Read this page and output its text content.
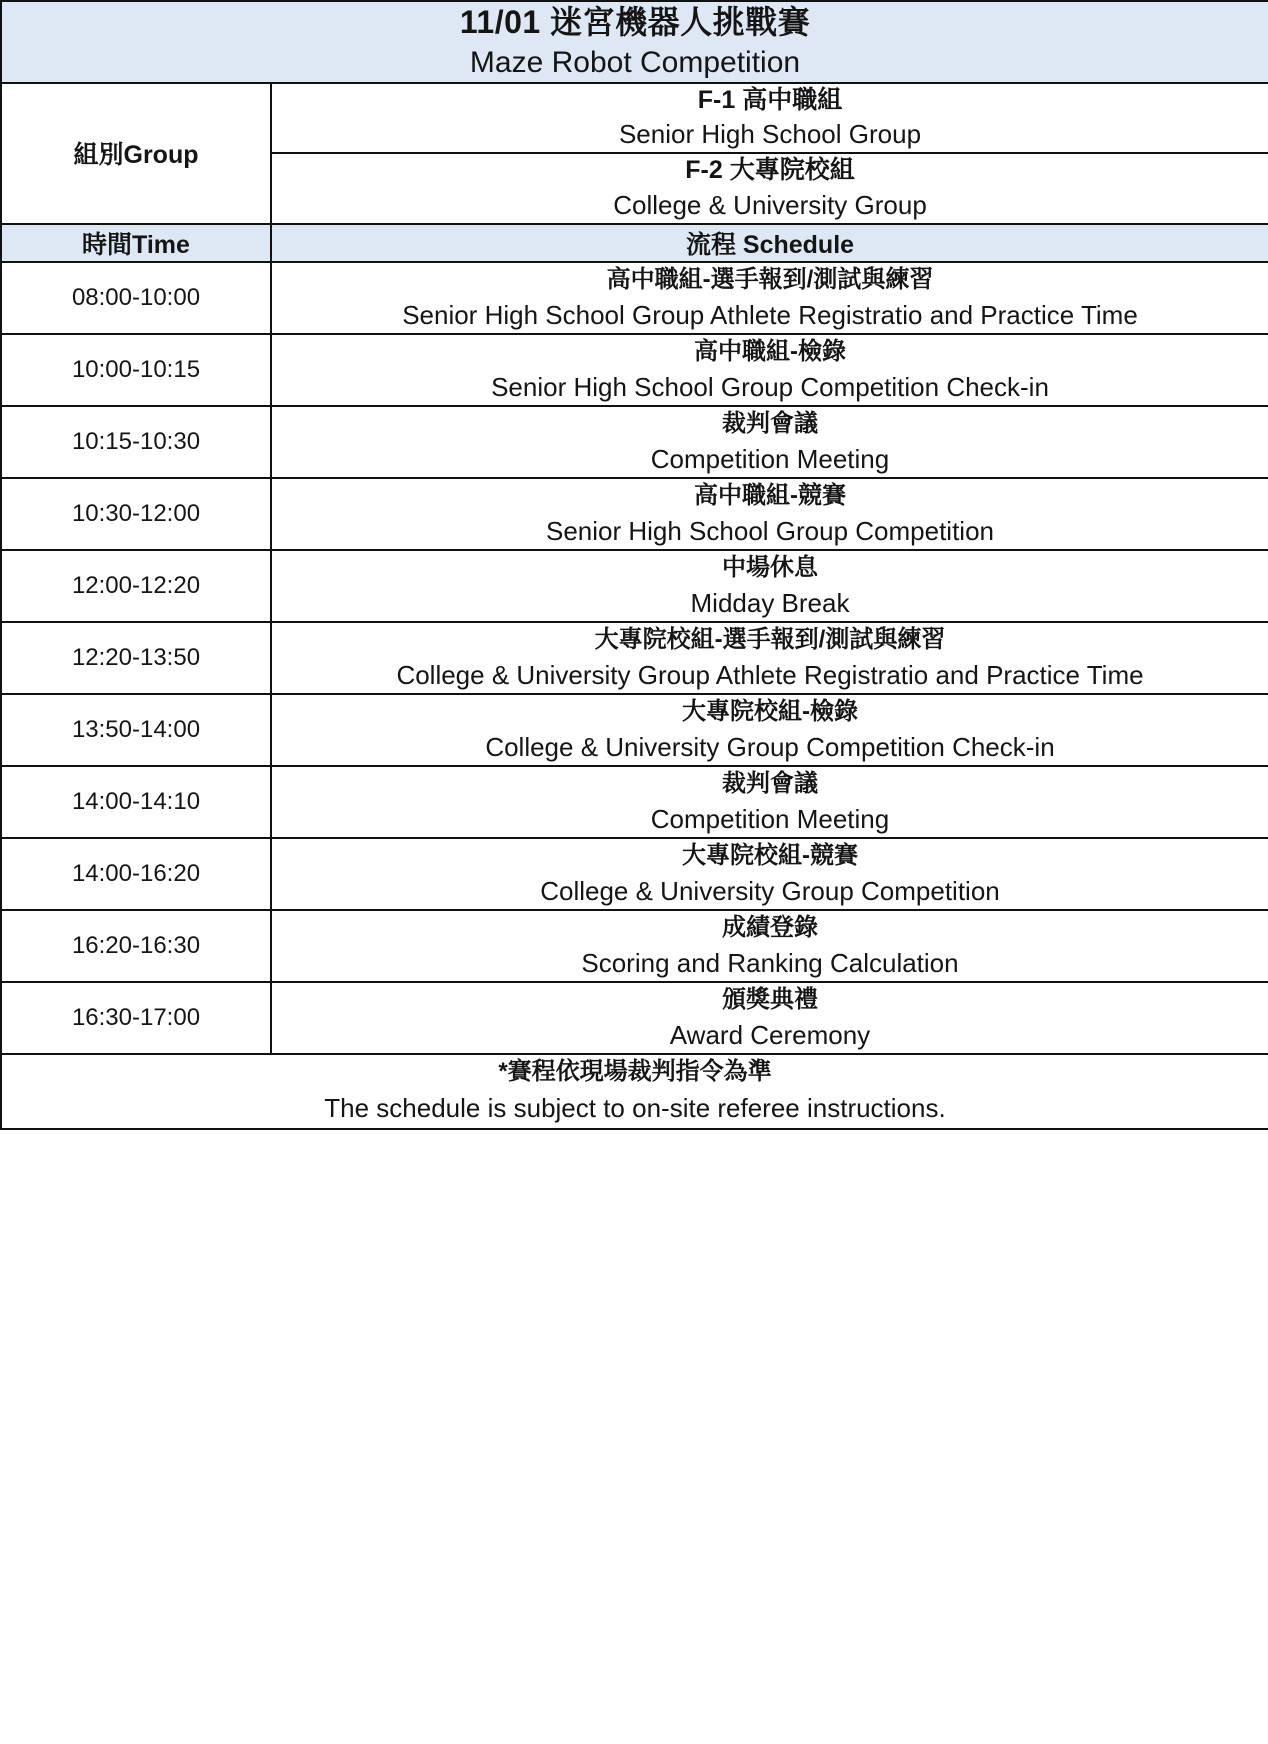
11/01 迷宮機器人挑戰賽
Maze Robot Competition	

組別Group	F-1 高中職組
Senior High School Group

	F-2 大專院校組
College & University Group

時間Time	流程 Schedule
08:00-10:00	高中職組-選手報到/測試與練習
Senior High School Group Athlete Registratio and Practice Time

10:00-10:15	高中職組-檢錄
Senior High School Group Competition Check-in

10:15-10:30	裁判會議
Competition Meeting

10:30-12:00	高中職組-競賽
Senior High School Group Competition

12:00-12:20	中場休息
Midday Break

12:20-13:50	大專院校組-選手報到/測試與練習
College & University Group Athlete Registratio and Practice Time

13:50-14:00	大專院校組-檢錄
College & University Group Competition Check-in

14:00-14:10	裁判會議
Competition Meeting

14:00-16:20	大專院校組-競賽
College & University Group Competition

16:20-16:30	成績登錄
Scoring and Ranking Calculation

16:30-17:00	頒獎典禮
Award Ceremony

*賽程依現場裁判指令為準
The schedule is subject to on-site referee instructions.	
